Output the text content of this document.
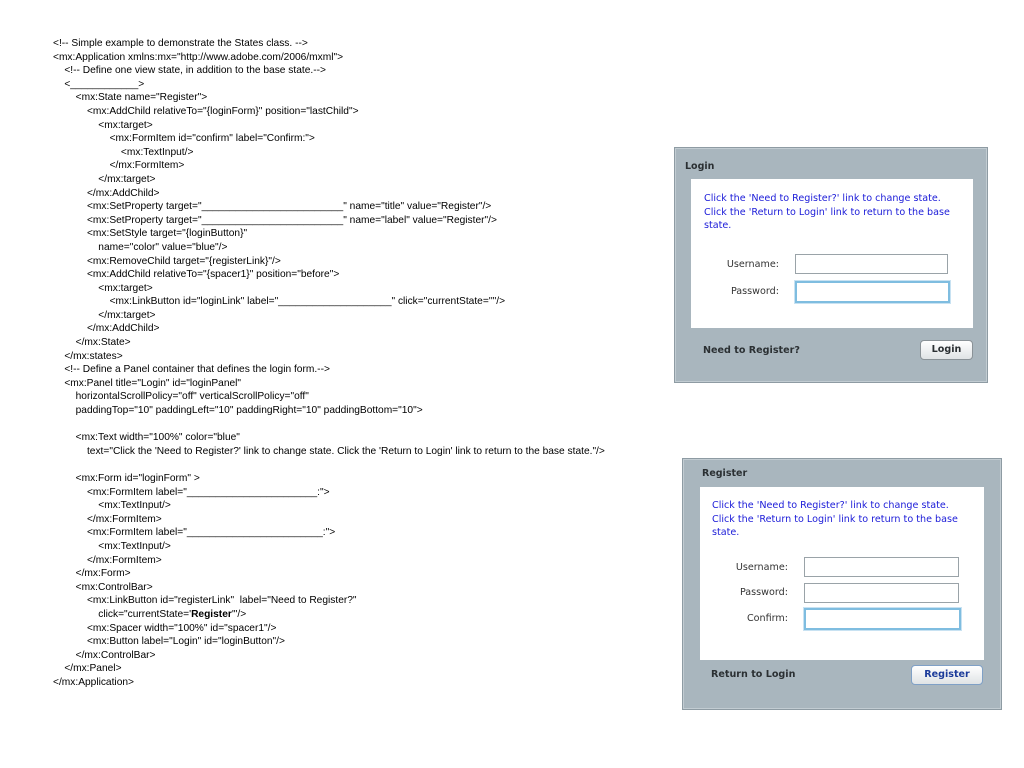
<!-- Simple example to demonstrate the States class. -->
<mx:Application xmlns:mx="http://www.adobe.com/2006/mxml">
<!-- Define one view state, in addition to the base state.-->
<____________>
<mx:State name="Register">
<mx:AddChild relativeTo="{loginForm}" position="lastChild">
<mx:target>
<mx:FormItem id="confirm" label="Confirm:">
<mx:TextInput/>
</mx:FormItem>
</mx:target>
</mx:AddChild>
<mx:SetProperty target="_________________________" name="title" value="Register"/>
<mx:SetProperty target="_________________________" name="label" value="Register"/>
<mx:SetStyle target="{loginButton}"
name="color" value="blue"/>
<mx:RemoveChild target="{registerLink}"/>
<mx:AddChild relativeTo="{spacer1}" position="before">
<mx:target>
<mx:LinkButton id="loginLink" label="____________________" click="currentState=''"/>
</mx:target>
</mx:AddChild>
</mx:State>
</mx:states>
<!-- Define a Panel container that defines the login form.-->
<mx:Panel title="Login" id="loginPanel"
horizontalScrollPolicy="off" verticalScrollPolicy="off"
paddingTop="10" paddingLeft="10" paddingRight="10" paddingBottom="10">
<mx:Text width="100%" color="blue"
text="Click the 'Need to Register?' link to change state. Click the 'Return to Login' link to return to the base state."/>
<mx:Form id="loginForm" >
<mx:FormItem label="_______________________:">
<mx:TextInput/>
</mx:FormItem>
<mx:FormItem label="________________________:">
<mx:TextInput/>
</mx:FormItem>
</mx:Form>
<mx:ControlBar>
<mx:LinkButton id="registerLink"  label="Need to Register?"
click="currentState='Register'"/>
<mx:Spacer width="100%" id="spacer1"/>
<mx:Button label="Login" id="loginButton"/>
</mx:ControlBar>
</mx:Panel>
</mx:Application>
Login
Click the 'Need to Register?' link to change state. Click the 'Return to Login' link to return to the base state.
Username:
Password:
Need to Register?	Login
Register
Click the 'Need to Register?' link to change state. Click the 'Return to Login' link to return to the base state.
Username:
Password:
Confirm:
Return to Login	Register
